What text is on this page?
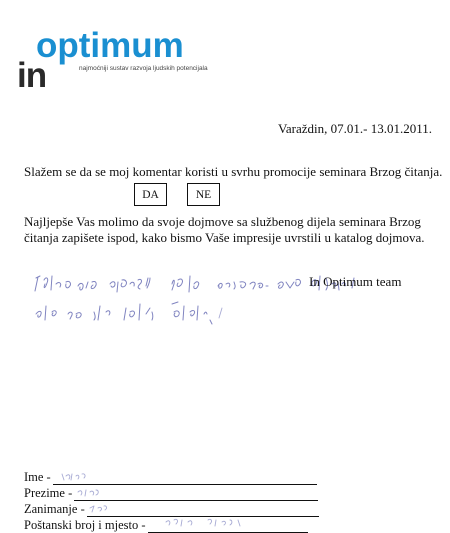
optimum
in	najmoćniji sustav razvoja ljudskih potencijala
Varaždin, 07.01.- 13.01.2011.
Slažem se da se moj komentar koristi u svrhu promocije seminara Brzog čitanja.
DA	NE
Najljepše Vas molimo da svoje dojmove sa službenog dijela seminara Brzog čitanja zapišete ispod, kako bismo Vaše impresije uvrstili u katalog dojmova.
In Optimum team
Ime -
Prezime -
Zanimanje -
Poštanski broj i mjesto -
